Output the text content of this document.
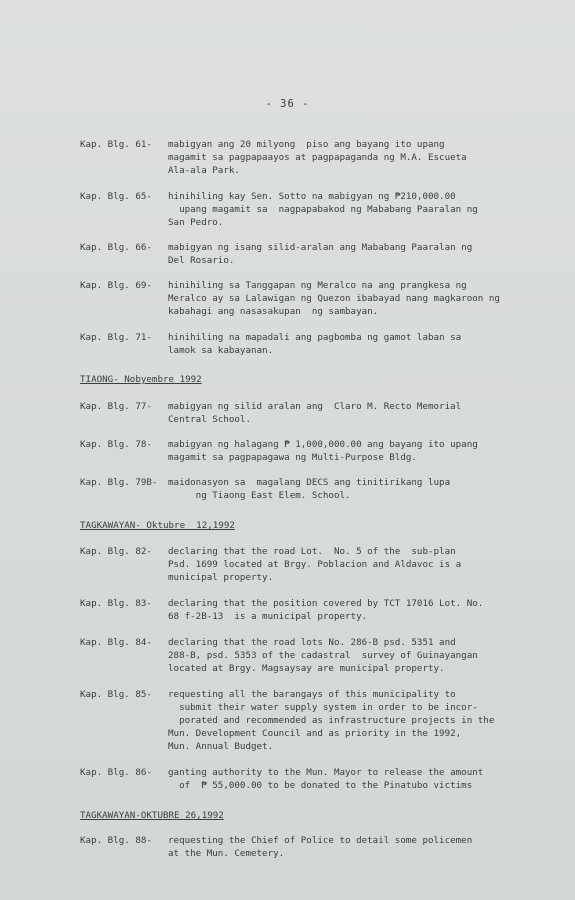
- 36 -
Kap. Blg. 61-	mabigyan ang 20 milyong  piso ang bayang ito upang
magamit sa pagpapaayos at pagpapaganda ng M.A. Escueta
Ala-ala Park.
Kap. Blg. 65-	hinihiling kay Sen. Sotto na mabigyan ng ₱210,000.00
upang magamit sa  nagpapabakod ng Mababang Paaralan ng
San Pedro.
Kap. Blg. 66-	mabigyan ng isang silid-aralan ang Mababang Paaralan ng
Del Rosario.
Kap. Blg. 69-	hinihiling sa Tanggapan ng Meralco na ang prangkesa ng
Meralco ay sa Lalawigan ng Quezon ibabayad nang magkaroon ng
kabahagi ang nasasakupan  ng sambayan.
Kap. Blg. 71-	hinihiling na mapadali ang pagbomba ng gamot laban sa
lamok sa kabayanan.
TIAONG- Nobyembre 1992
Kap. Blg. 77-	mabigyan ng silid aralan ang  Claro M. Recto Memorial
Central School.
Kap. Blg. 78-	mabigyan ng halagang ₱ 1,000,000.00 ang bayang ito upang
magamit sa pagpapagawa ng Multi-Purpose Bldg.
Kap. Blg. 79B-	maidonasyon sa  magalang DECS ang tinitirikang lupa
ng Tiaong East Elem. School.
TAGKAWAYAN- Oktubre  12,1992
Kap. Blg. 82-	declaring that the road Lot.  No. 5 of the  sub-plan
Psd. 1699 located at Brgy. Poblacion and Aldavoc is a
municipal property.
Kap. Blg. 83-	declaring that the position covered by TCT 17016 Lot. No.
68 f-2B-13  is a municipal property.
Kap. Blg. 84-	declaring that the road lots No. 286-B psd. 5351 and
288-B, psd. 5353 of the cadastral  survey of Guinayangan
located at Brgy. Magsaysay are municipal property.
Kap. Blg. 85-	requesting all the barangays of this municipality to
submit their water supply system in order to be incor-
porated and recommended as infrastructure projects in the
Mun. Development Council and as priority in the 1992,
Mun. Annual Budget.
Kap. Blg. 86-	ganting authority to the Mun. Mayor to release the amount
of  ₱ 55,000.00 to be donated to the Pinatubo victims
TAGKAWAYAN-OKTUBRE 26,1992
Kap. Blg. 88-	requesting the Chief of Police to detail some policemen
at the Mun. Cemetery.
